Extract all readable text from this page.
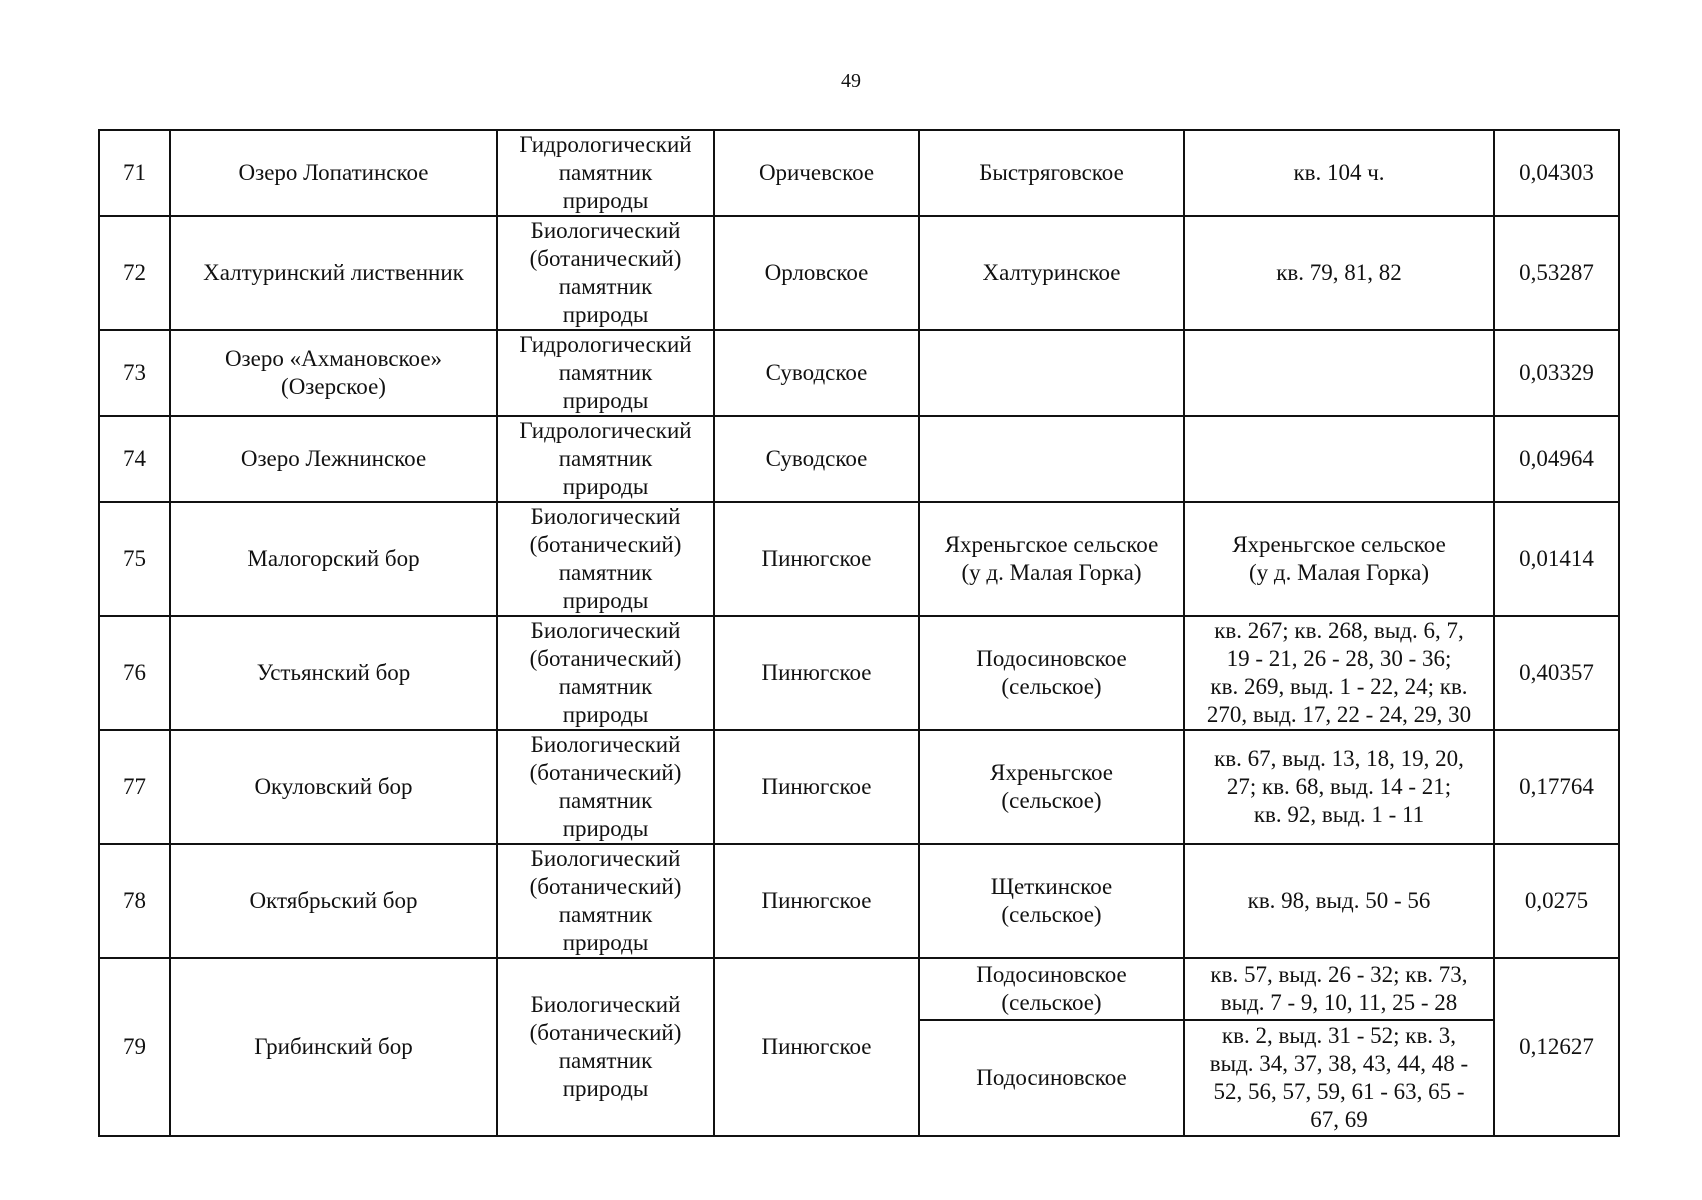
49
71	Озеро Лопатинское	Гидрологический
памятник
природы	Оричевское	Быстряговское	кв. 104 ч.	0,04303
72	Халтуринский лиственник	Биологический
(ботанический)
памятник
природы	Орловское	Халтуринское	кв. 79, 81, 82	0,53287
73	Озеро «Ахмановское»
(Озерское)	Гидрологический
памятник
природы	Суводское			0,03329
74	Озеро Лежнинское	Гидрологический
памятник
природы	Суводское			0,04964
75	Малогорский бор	Биологический
(ботанический)
памятник
природы	Пинюгское	Яхреньгское сельское
(у д. Малая Горка)	Яхреньгское сельское
(у д. Малая Горка)	0,01414
76	Устьянский бор	Биологический
(ботанический)
памятник
природы	Пинюгское	Подосиновское
(сельское)	кв. 267; кв. 268, выд. 6, 7,
19 - 21, 26 - 28, 30 - 36;
кв. 269, выд. 1 - 22, 24; кв.
270, выд. 17, 22 - 24, 29, 30	0,40357
77	Окуловский бор	Биологический
(ботанический)
памятник
природы	Пинюгское	Яхреньгское
(сельское)	кв. 67, выд. 13, 18, 19, 20,
27; кв. 68, выд. 14 - 21;
кв. 92, выд. 1 - 11	0,17764
78	Октябрьский бор	Биологический
(ботанический)
памятник
природы	Пинюгское	Щеткинское
(сельское)	кв. 98, выд. 50 - 56	0,0275
79	Грибинский бор	Биологический
(ботанический)
памятник
природы	Пинюгское	Подосиновское
(сельское)	кв. 57, выд. 26 - 32; кв. 73,
выд. 7 - 9, 10, 11, 25 - 28	0,12627
				Подосиновское	кв. 2, выд. 31 - 52; кв. 3,
выд. 34, 37, 38, 43, 44, 48 -
52, 56, 57, 59, 61 - 63, 65 -
67, 69	
